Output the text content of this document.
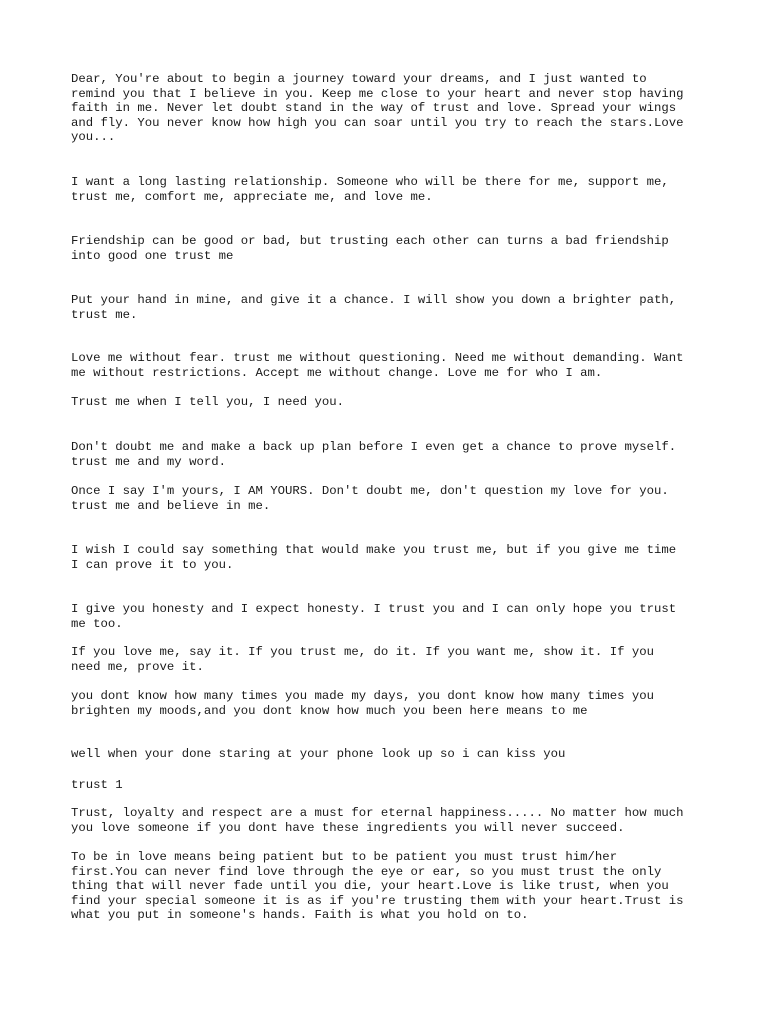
Dear, You're about to begin a journey toward your dreams, and I just wanted to
remind you that I believe in you. Keep me close to your heart and never stop having
faith in me. Never let doubt stand in the way of trust and love. Spread your wings
and fly. You never know how high you can soar until you try to reach the stars.Love
you...

I want a long lasting relationship. Someone who will be there for me, support me,
trust me, comfort me, appreciate me, and love me.

Friendship can be good or bad, but trusting each other can turns a bad friendship
into good one trust me

Put your hand in mine, and give it a chance. I will show you down a brighter path,
trust me.

Love me without fear. trust me without questioning. Need me without demanding. Want
me without restrictions. Accept me without change. Love me for who I am.

Trust me when I tell you, I need you.

Don't doubt me and make a back up plan before I even get a chance to prove myself.
trust me and my word.

Once I say I'm yours, I AM YOURS. Don't doubt me, don't question my love for you.
trust me and believe in me.

I wish I could say something that would make you trust me, but if you give me time
I can prove it to you.

I give you honesty and I expect honesty. I trust you and I can only hope you trust
me too.

If you love me, say it. If you trust me, do it. If you want me, show it. If you
need me, prove it.

you dont know how many times you made my days, you dont know how many times you
brighten my moods,and you dont know how much you been here means to me

well when your done staring at your phone look up so i can kiss you

trust 1

Trust, loyalty and respect are a must for eternal happiness..... No matter how much
you love someone if you dont have these ingredients you will never succeed.

To be in love means being patient but to be patient you must trust him/her
first.You can never find love through the eye or ear, so you must trust the only
thing that will never fade until you die, your heart.Love is like trust, when you
find your special someone it is as if you're trusting them with your heart.Trust is
what you put in someone's hands. Faith is what you hold on to.
